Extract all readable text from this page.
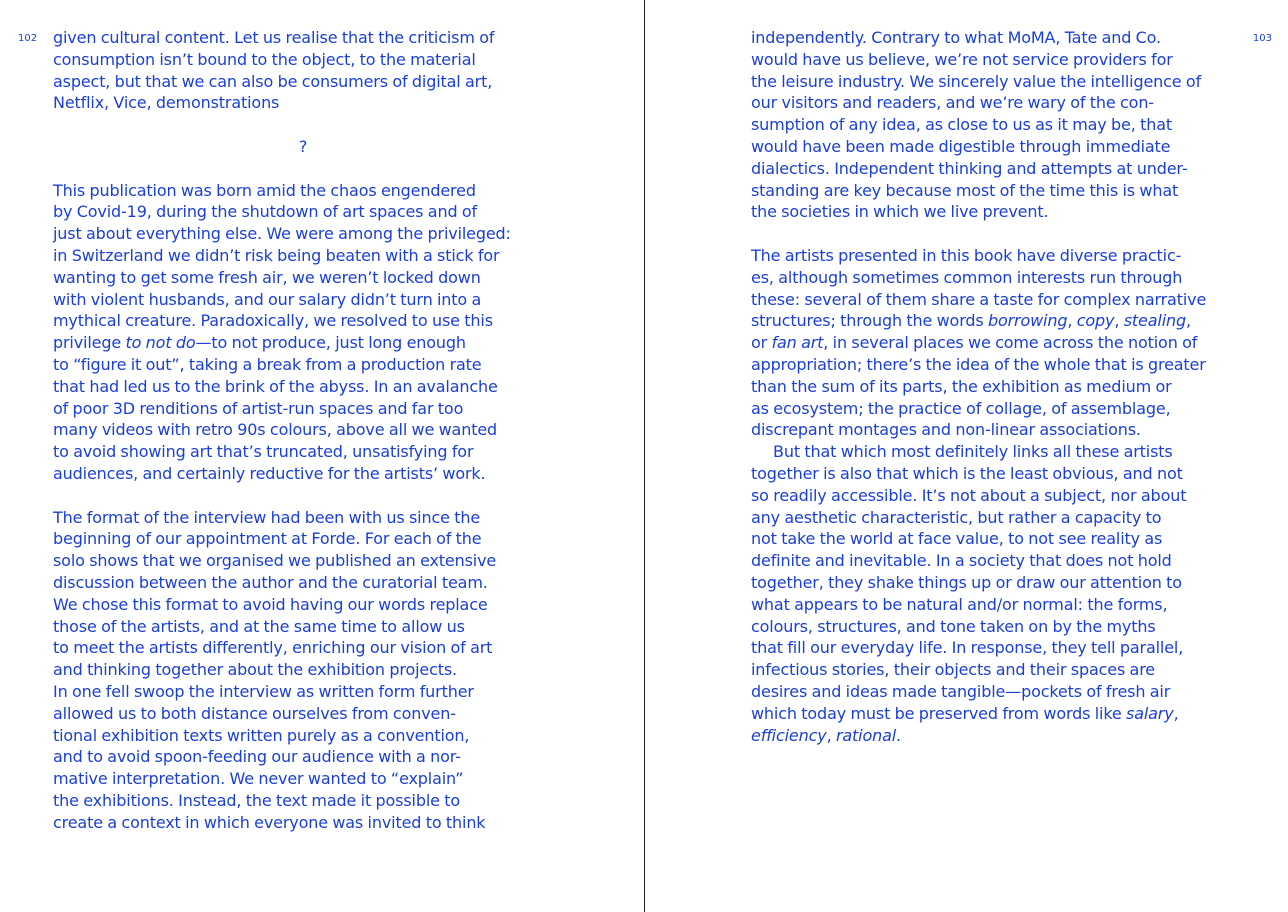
102 given cultural content. Let us realise that the criticism of
consumption isn’t bound to the object, to the material
aspect, but that we can also be consumers of digital art,
Netflix, Vice, demonstrations
?
This publication was born amid the chaos engendered
by Covid-19, during the shutdown of art spaces and of
just about everything else. We were among the privileged:
in Switzerland we didn’t risk being beaten with a stick for
wanting to get some fresh air, we weren’t locked down
with violent husbands, and our salary didn’t turn into a
mythical creature. Paradoxically, we resolved to use this
privilege to not do—to not produce, just long enough
to “figure it out”, taking a break from a production rate
that had led us to the brink of the abyss. In an avalanche
of poor 3D renditions of artist-run spaces and far too
many videos with retro 90s colours, above all we wanted
to avoid showing art that’s truncated, unsatisfying for
audiences, and certainly reductive for the artists’ work.
The format of the interview had been with us since the
beginning of our appointment at Forde. For each of the
solo shows that we organised we published an extensive
discussion between the author and the curatorial team.
We chose this format to avoid having our words replace
those of the artists, and at the same time to allow us
to meet the artists differently, enriching our vision of art
and thinking together about the exhibition projects.
In one fell swoop the interview as written form further
allowed us to both distance ourselves from conven-
tional exhibition texts written purely as a convention,
and to avoid spoon-feeding our audience with a nor-
mative interpretation. We never wanted to “explain”
the exhibitions. Instead, the text made it possible to
create a context in which everyone was invited to think
103
independently. Contrary to what MoMA, Tate and Co.
would have us believe, we’re not service providers for
the leisure industry. We sincerely value the intelligence of
our visitors and readers, and we’re wary of the con-
sumption of any idea, as close to us as it may be, that
would have been made digestible through immediate
dialectics. Independent thinking and attempts at under-
standing are key because most of the time this is what
the societies in which we live prevent.
The artists presented in this book have diverse practic-
es, although sometimes common interests run through
these: several of them share a taste for complex narrative
structures; through the words borrowing, copy, stealing,
or fan art, in several places we come across the notion of
appropriation; there’s the idea of the whole that is greater
than the sum of its parts, the exhibition as medium or
as ecosystem; the practice of collage, of assemblage,
discrepant montages and non-linear associations.
But that which most definitely links all these artists
together is also that which is the least obvious, and not
so readily accessible. It’s not about a subject, nor about
any aesthetic characteristic, but rather a capacity to
not take the world at face value, to not see reality as
definite and inevitable. In a society that does not hold
together, they shake things up or draw our attention to
what appears to be natural and/or normal: the forms,
colours, structures, and tone taken on by the myths
that fill our everyday life. In response, they tell parallel,
infectious stories, their objects and their spaces are
desires and ideas made tangible—pockets of fresh air
which today must be preserved from words like salary,
efficiency, rational.
